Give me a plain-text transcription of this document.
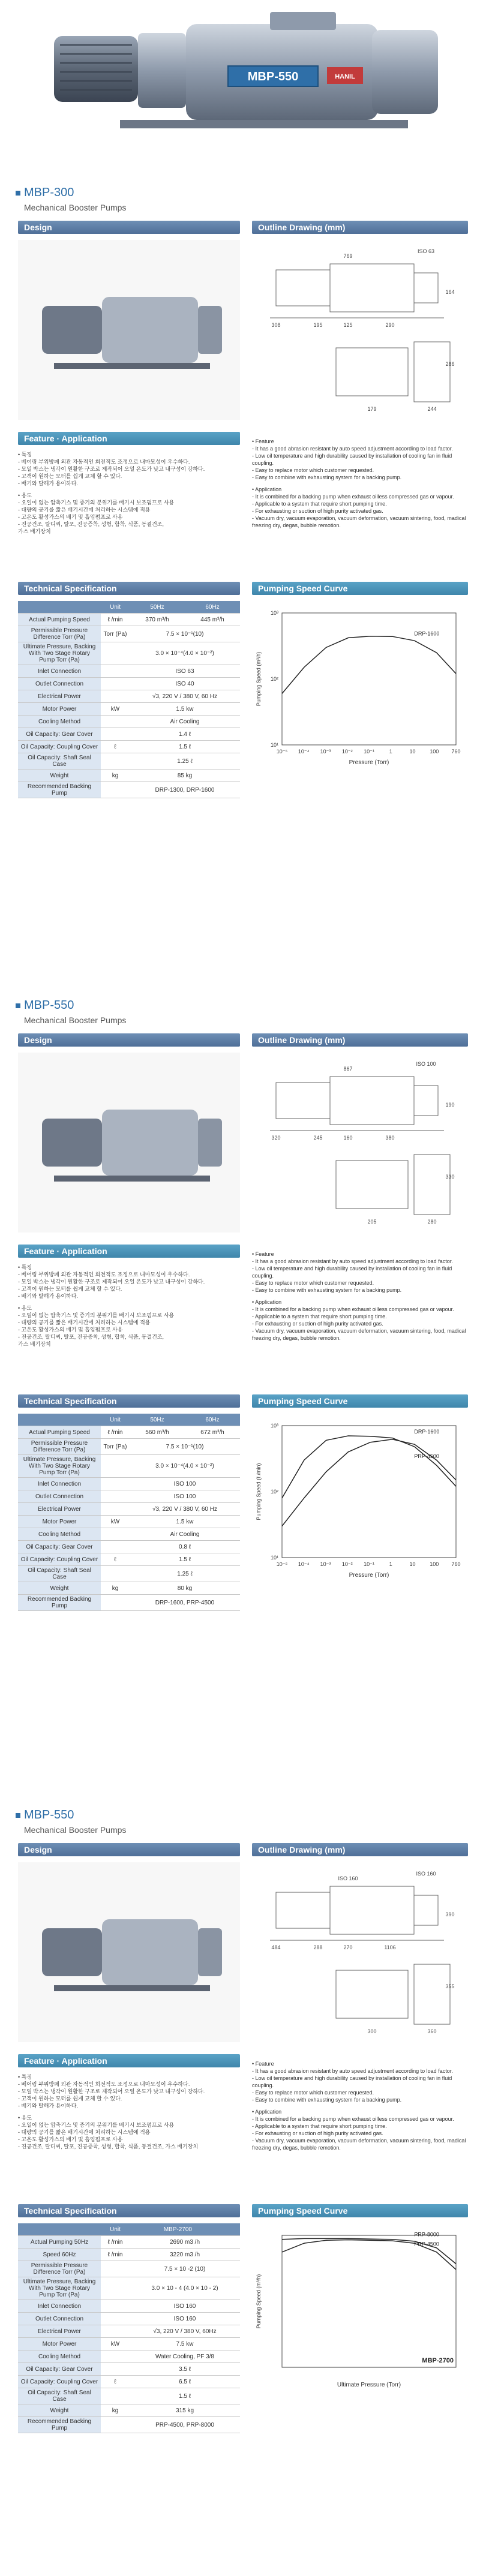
MBP-550	HANIL
MBP-300
Mechanical Booster Pumps
Design	Outline Drawing (mm)
769
ISO 63
308	195	125	290
164
286
179	244
Feature · Application
• 특징
- 베어링 부위방폐 외관 자동적인 회전적도 조정으로 내마모성이 우수하다.
- 모일 박스는 냉각이 원활한 구조로 제작되어 오일 온도가 낮고 내구성이 강하다.
- 고객이 원하는 모터를 쉽게 교체 할 수 있다.
- 배기와 탈해가 용이하다.
• 용도
- 오일이 없는 압축기스 및 증기의 분위기를 배기시 보조펌프로 사용
- 대량의 공기를 짧은 배기시간에 처리하는 시스템에 적용
- 고온도 활성가스의 배기 및 흡입펌프로 사용
- 진공건조, 탈디씨, 탈포, 진공증착, 성형, 합착, 식품, 동결건조,
가스 배기장치
• Feature
- It has a good abrasion resistant by auto speed adjustment according to load factor.
- Low oil temperature and high durability caused by installation of cooling fan in fluid coupling.
- Easy to replace motor which customer requested.
- Easy to combine with exhausting system for a backing pump.
• Application
- It is combined for a backing pump when exhaust oilless compressed gas or vapour.
- Applicable to a system that require short pumping time.
- For exhausting or suction of high purity activated gas.
- Vacuum dry, vacuum evaporation, vacuum deformation, vacuum sintering, food, madical freezing dry, degas, bubble remotion.
Technical Specification
	Unit	50Hz	60Hz
Actual Pumping Speed	ℓ /min	370 m³/h	445 m³/h
Permissible Pressure Difference Torr (Pa)	Torr (Pa)	7.5 × 10⁻¹(10)	
Ultimate Pressure, Backing With Two Stage Rotary Pump Torr (Pa)		3.0 × 10⁻⁴(4.0 × 10⁻²)	
Inlet Connection		ISO 63	
Outlet Connection		ISO 40	
Electrical Power		√3, 220 V / 380 V, 60 Hz	
Motor Power	kW	1.5 kw	
Cooling Method		Air Cooling	
Oil Capacity: Gear Cover		1.4 ℓ	
Oil Capacity: Coupling Cover	ℓ	1.5 ℓ	
Oil Capacity: Shaft Seal Case		1.25 ℓ	
Weight	kg	85 kg	
Recommended Backing Pump		DRP-1300, DRP-1600	
Pumping Speed Curve
10⁻⁵ 10⁻⁴ 10⁻³ 10⁻² 10⁻¹	1	10	100 760
10³
10²
10¹
Pressure (Torr)
Pumping Speed (m³/h)
DRP-1600
MBP-550
Mechanical Booster Pumps
Design	Outline Drawing (mm)
867
ISO 100
320	245	160	380
190
330
205	280
Feature · Application
• 특징
- 베어링 부위방폐 외관 자동적인 회전적도 조정으로 내마모성이 우수하다.
- 모일 박스는 냉각이 원활한 구조로 제작되어 오일 온도가 낮고 내구성이 강하다.
- 고객이 원하는 모터를 쉽게 교체 할 수 있다.
- 배기와 탈해가 용이하다.
• 용도
- 오일이 없는 압축기스 및 증기의 분위기를 배기시 보조펌프로 사용
- 대량의 공기를 짧은 배기시간에 처리하는 시스템에 적용
- 고온도 활성가스의 배기 및 흡입펌프로 사용
- 진공건조, 탈디씨, 탈포, 진공증착, 성형, 합착, 식품, 동결건조,
가스 배기장치
• Feature
- It has a good abrasion resistant by auto speed adjustment according to load factor.
- Low oil temperature and high durability caused by installation of cooling fan in fluid coupling.
- Easy to replace motor which customer requested.
- Easy to combine with exhausting system for a backing pump.
• Application
- It is combined for a backing pump when exhaust oilless compressed gas or vapour.
- Applicable to a system that require short pumping time.
- For exhausting or suction of high purity activated gas.
- Vacuum dry, vacuum evaporation, vacuum deformation, vacuum sintering, food, madical freezing dry, degas, bubble remotion.
Technical Specification
	Unit	50Hz	60Hz
Actual Pumping Speed	ℓ /min	560 m³/h	672 m³/h
Permissible Pressure Difference Torr (Pa)	Torr (Pa)	7.5 × 10⁻¹(10)	
Ultimate Pressure, Backing With Two Stage Rotary Pump Torr (Pa)		3.0 × 10⁻⁴(4.0 × 10⁻²)	
Inlet Connection		ISO 100	
Outlet Connection		ISO 100	
Electrical Power		√3, 220 V / 380 V, 60 Hz	
Motor Power	kW	1.5 kw	
Cooling Method		Air Cooling	
Oil Capacity: Gear Cover		0.8 ℓ	
Oil Capacity: Coupling Cover	ℓ	1.5 ℓ	
Oil Capacity: Shaft Seal Case		1.25 ℓ	
Weight	kg	80 kg	
Recommended Backing Pump		DRP-1600, PRP-4500	
Pumping Speed Curve
10⁻⁵ 10⁻⁴ 10⁻³ 10⁻² 10⁻¹	1	10	100 760
10³
10²
10¹
Pressure (Torr)
Pumping Speed (ℓ /min)
DRP-1600
PRP-4500
MBP-550
Mechanical Booster Pumps
Design	Outline Drawing (mm)
ISO 160
ISO 160
484	288	270	1106
390
355
300	360
Feature · Application
• 특징
- 베어링 부위방폐 외관 자동적인 회전적도 조정으로 내마모성이 우수하다.
- 모일 박스는 냉각이 원활한 구조로 제작되어 오일 온도가 낮고 내구성이 강하다.
- 고객이 원하는 모터를 쉽게 교체 할 수 있다.
- 배기와 탈해가 용이하다.
• 용도
- 오일이 없는 압축기스 및 증기의 분위기를 배기시 보조펌프로 사용
- 대량의 공기를 짧은 배기시간에 처리하는 시스템에 적용
- 고온도 활성가스의 배기 및 흡입펌프로 사용
- 진공건조, 탈디씨, 탈포, 진공증착, 성형, 합착, 식품, 동결건조, 가스 배기장치
• Feature
- It has a good abrasion resistant by auto speed adjustment according to load factor.
- Low oil temperature and high durability caused by installation of cooling fan in fluid coupling.
- Easy to replace motor which customer requested.
- Easy to combine with exhausting system for a backing pump.
• Application
- It is combined for a backing pump when exhaust oilless compressed gas or vapour.
- Applicable to a system that require short pumping time.
- For exhausting or suction of high purity activated gas.
- Vacuum dry, vacuum evaporation, vacuum deformation, vacuum sintering, food, madical freezing dry, degas, bubble remotion.
Technical Specification
	Unit	MBP-2700	
Actual Pumping 50Hz	ℓ /min	2690 m3 /h	
Speed 60Hz	ℓ /min	3220 m3 /h	
Permissible Pressure Difference Torr (Pa)		7.5 × 10 -2 (10)	
Ultimate Pressure, Backing With Two Stage Rotary Pump Torr (Pa)		3.0 × 10 - 4 (4.0 × 10 - 2)	
Inlet Connection		ISO 160	
Outlet Connection		ISO 160	
Electrical Power		√3, 220 V / 380 V, 60Hz	
Motor Power	kW	7.5 kw	
Cooling Method		Water Cooling, PF 3/8	
Oil Capacity: Gear Cover		3.5 ℓ	
Oil Capacity: Coupling Cover	ℓ	6.5 ℓ	
Oil Capacity: Shaft Seal Case		1.5 ℓ	
Weight	kg	315 kg	
Recommended Backing Pump		PRP-4500, PRP-8000	
Pumping Speed Curve
Ultimate Pressure (Torr)
Pumping Speed (m³/h)
PRP-8000
PRP-4500
MBP-2700
